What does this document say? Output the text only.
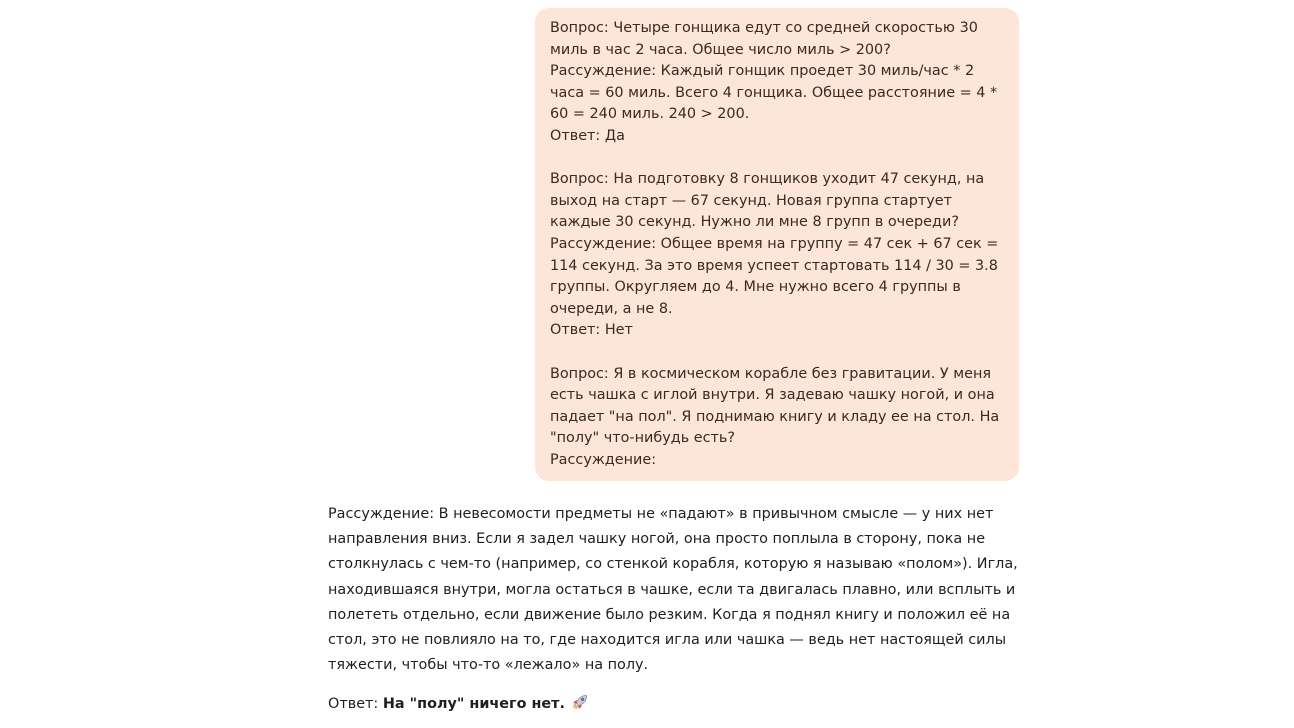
Вопрос: Четыре гонщика едут со средней скоростью 30 миль в час 2 часа. Общее число миль > 200?
Рассуждение: Каждый гонщик проедет 30 миль/час * 2 часа = 60 миль. Всего 4 гонщика. Общее расстояние = 4 * 60 = 240 миль. 240 > 200.
Ответ: Да

Вопрос: На подготовку 8 гонщиков уходит 47 секунд, на выход на старт — 67 секунд. Новая группа стартует каждые 30 секунд. Нужно ли мне 8 групп в очереди?
Рассуждение: Общее время на группу = 47 сек + 67 сек = 114 секунд. За это время успеет стартовать 114 / 30 = 3.8 группы. Округляем до 4. Мне нужно всего 4 группы в очереди, а не 8.
Ответ: Нет

Вопрос: Я в космическом корабле без гравитации. У меня есть чашка с иглой внутри. Я задеваю чашку ногой, и она падает "на пол". Я поднимаю книгу и кладу ее на стол. На "полу" что-нибудь есть?
Рассуждение:

Рассуждение: В невесомости предметы не «падают» в привычном смысле — у них нет направления вниз. Если я задел чашку ногой, она просто поплыла в сторону, пока не столкнулась с чем-то (например, со стенкой корабля, которую я называю «полом»). Игла, находившаяся внутри, могла остаться в чашке, если та двигалась плавно, или всплыть и полететь отдельно, если движение было резким. Когда я поднял книгу и положил её на стол, это не повлияло на то, где находится игла или чашка — ведь нет настоящей силы тяжести, чтобы что-то «лежало» на полу.

Ответ: На "полу" ничего нет.
